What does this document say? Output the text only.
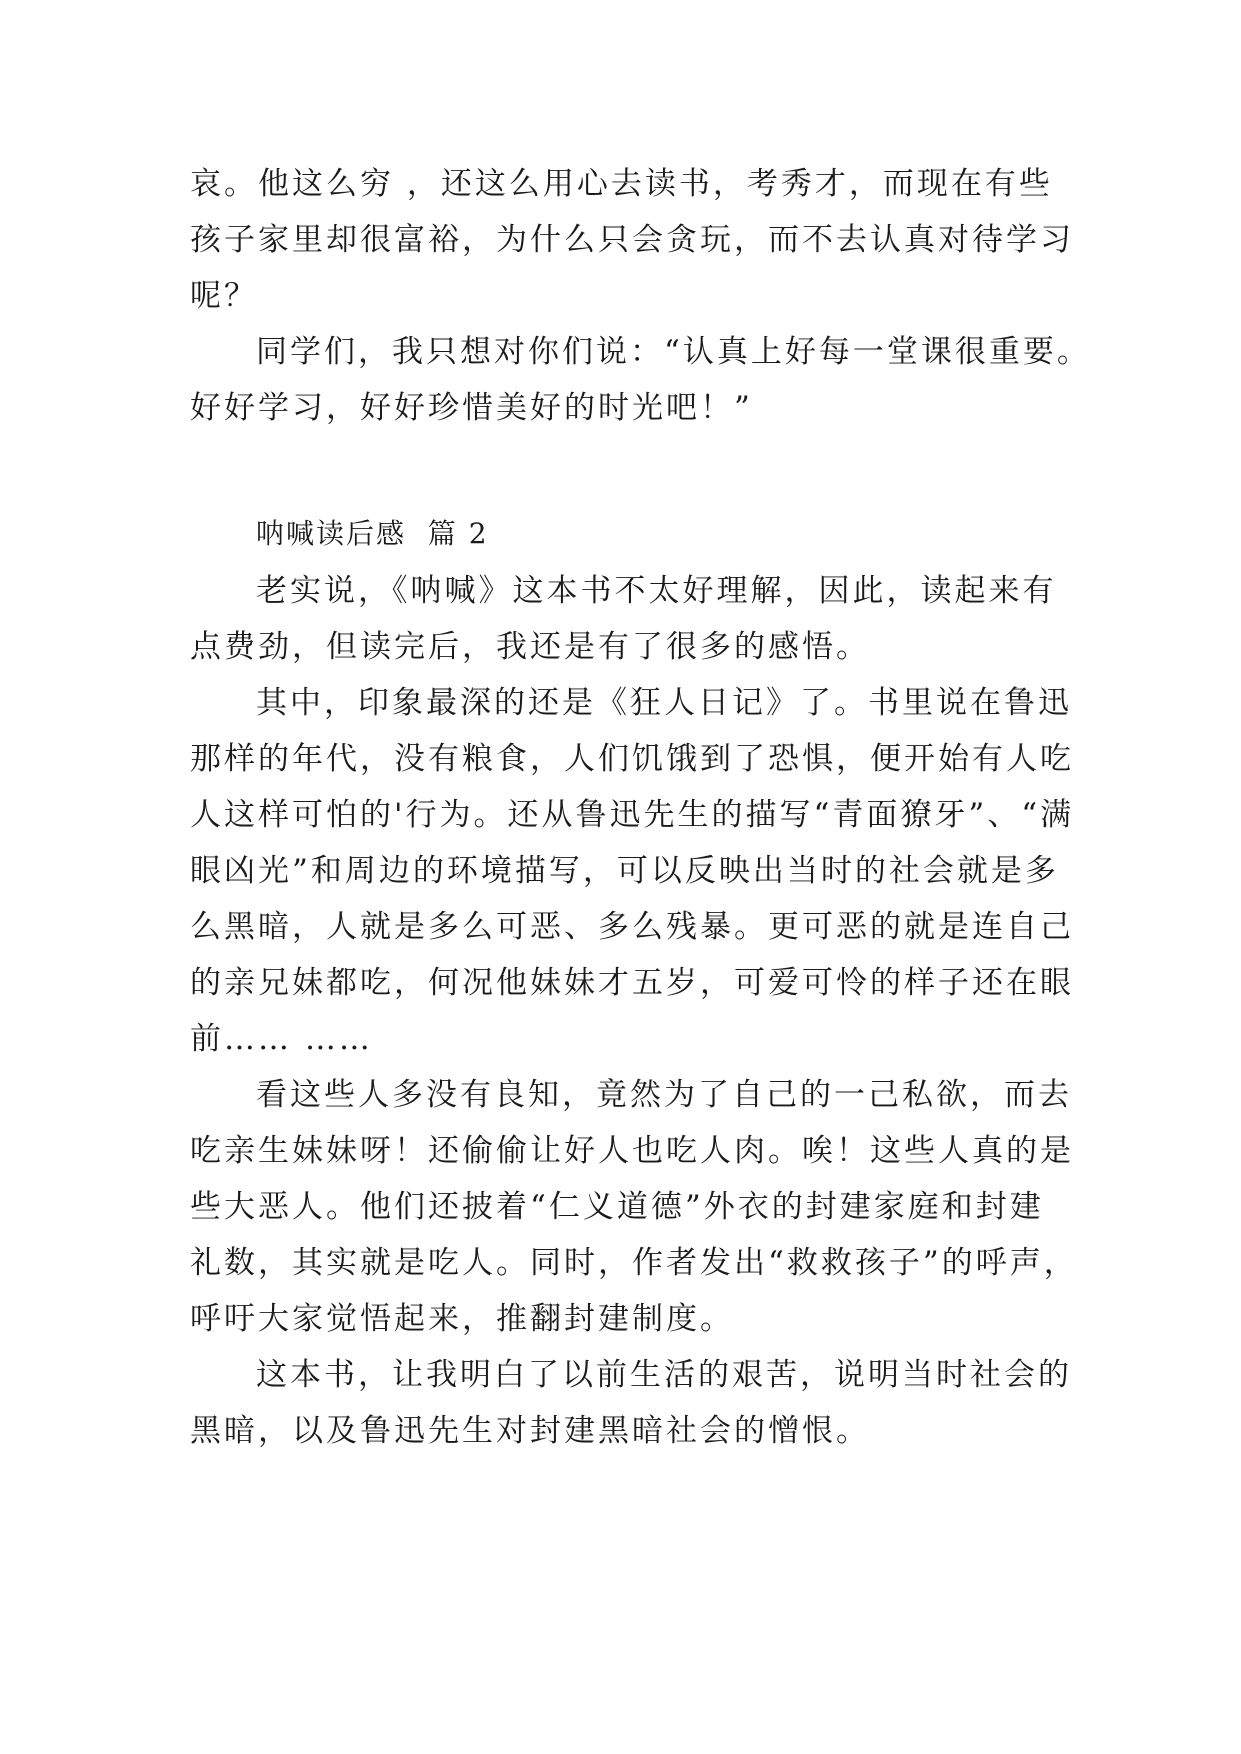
哀。他这么穷 ，还这么用心去读书，考秀才，而现在有些
孩子家里却很富裕，为什么只会贪玩，而不去认真对待学习
呢？
同学们，我只想对你们说：“认真上好每一堂课很重要。
好好学习，好好珍惜美好的时光吧！”
呐喊读后感  篇 2
老实说，《呐喊》这本书不太好理解，因此，读起来有
点费劲，但读完后，我还是有了很多的感悟。
其中，印象最深的还是《狂人日记》了。书里说在鲁迅
那样的年代，没有粮食，人们饥饿到了恐惧，便开始有人吃
人这样可怕的'行为。还从鲁迅先生的描写“青面獠牙”、“满
眼凶光”和周边的环境描写，可以反映出当时的社会就是多
么黑暗，人就是多么可恶、多么残暴。更可恶的就是连自己
的亲兄妹都吃，何况他妹妹才五岁，可爱可怜的样子还在眼
前…… ……
看这些人多没有良知，竟然为了自己的一己私欲，而去
吃亲生妹妹呀！还偷偷让好人也吃人肉。唉！这些人真的是
些大恶人。他们还披着“仁义道德”外衣的封建家庭和封建
礼数，其实就是吃人。同时，作者发出“救救孩子”的呼声，
呼吁大家觉悟起来，推翻封建制度。
这本书，让我明白了以前生活的艰苦，说明当时社会的
黑暗，以及鲁迅先生对封建黑暗社会的憎恨。
